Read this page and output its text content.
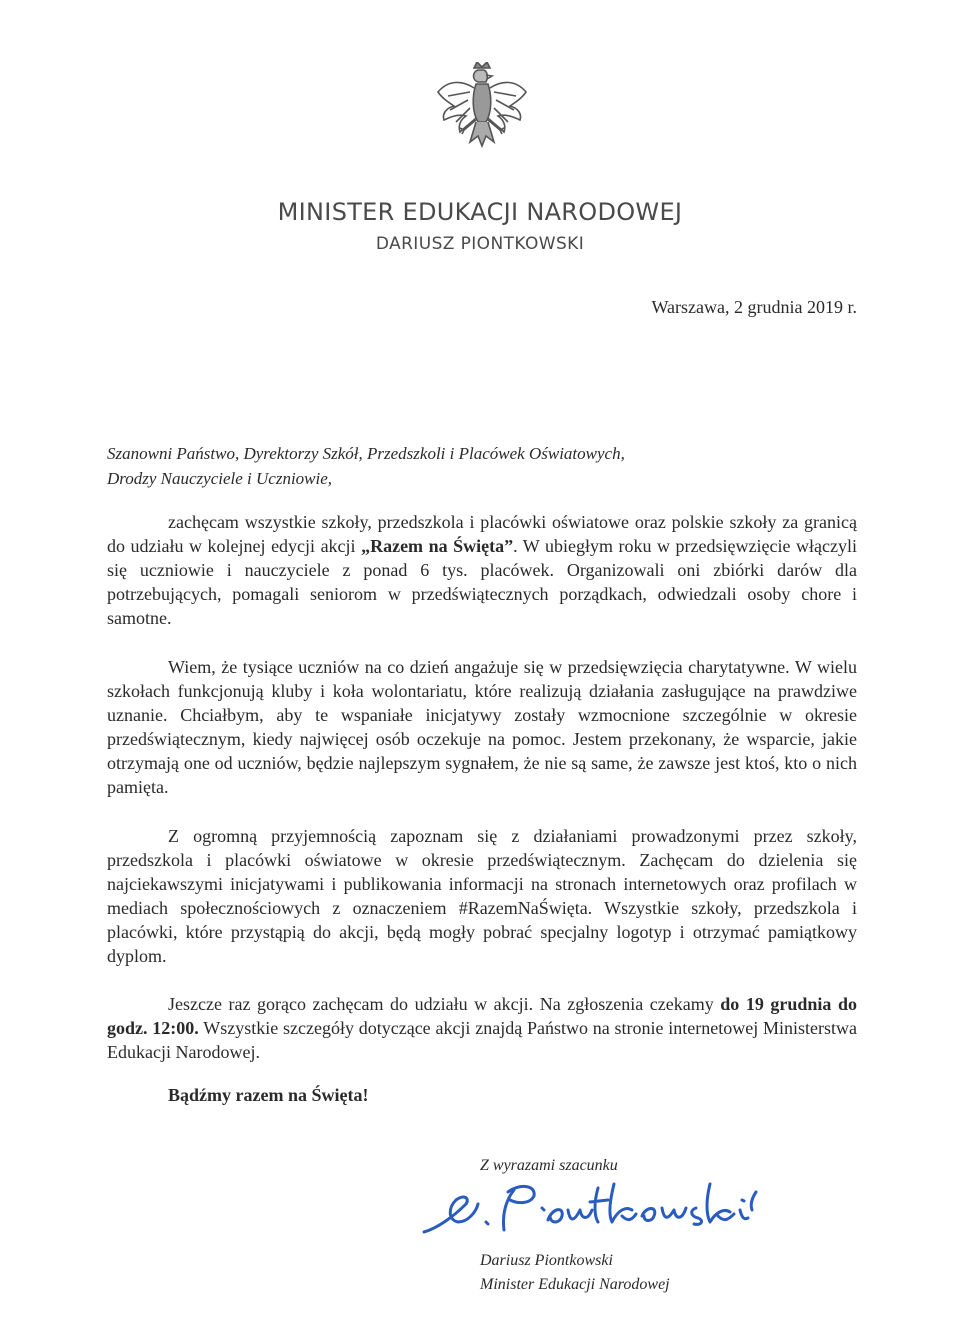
MINISTER EDUKACJI NARODOWEJ
DARIUSZ PIONTKOWSKI
Warszawa, 2 grudnia 2019 r.
Szanowni Państwo, Dyrektorzy Szkół, Przedszkoli i Placówek Oświatowych,
Drodzy Nauczyciele i Uczniowie,

zachęcam wszystkie szkoły, przedszkola i placówki oświatowe oraz polskie szkoły za granicą do udziału w kolejnej edycji akcji „Razem na Święta”. W ubiegłym roku w przedsięwzięcie włączyli się uczniowie i nauczyciele z ponad 6 tys. placówek. Organizowali oni zbiórki darów dla potrzebujących, pomagali seniorom w przedświątecznych porządkach, odwiedzali osoby chore i samotne.

Wiem, że tysiące uczniów na co dzień angażuje się w przedsięwzięcia charytatywne. W wielu szkołach funkcjonują kluby i koła wolontariatu, które realizują działania zasługujące na prawdziwe uznanie. Chciałbym, aby te wspaniałe inicjatywy zostały wzmocnione szczególnie w okresie przedświątecznym, kiedy najwięcej osób oczekuje na pomoc. Jestem przekonany, że wsparcie, jakie otrzymają one od uczniów, będzie najlepszym sygnałem, że nie są same, że zawsze jest ktoś, kto o nich pamięta.

Z ogromną przyjemnością zapoznam się z działaniami prowadzonymi przez szkoły, przedszkola i placówki oświatowe w okresie przedświątecznym. Zachęcam do dzielenia się najciekawszymi inicjatywami i publikowania informacji na stronach internetowych oraz profilach w mediach społecznościowych z oznaczeniem #RazemNaŚwięta. Wszystkie szkoły, przedszkola i placówki, które przystąpią do akcji, będą mogły pobrać specjalny logotyp i otrzymać pamiątkowy dyplom.

Jeszcze raz gorąco zachęcam do udziału w akcji. Na zgłoszenia czekamy do 19 grudnia do godz. 12:00. Wszystkie szczegóły dotyczące akcji znajdą Państwo na stronie internetowej Ministerstwa Edukacji Narodowej.

Bądźmy razem na Święta!
Z wyrazami szacunku
Dariusz Piontkowski
Minister Edukacji Narodowej
